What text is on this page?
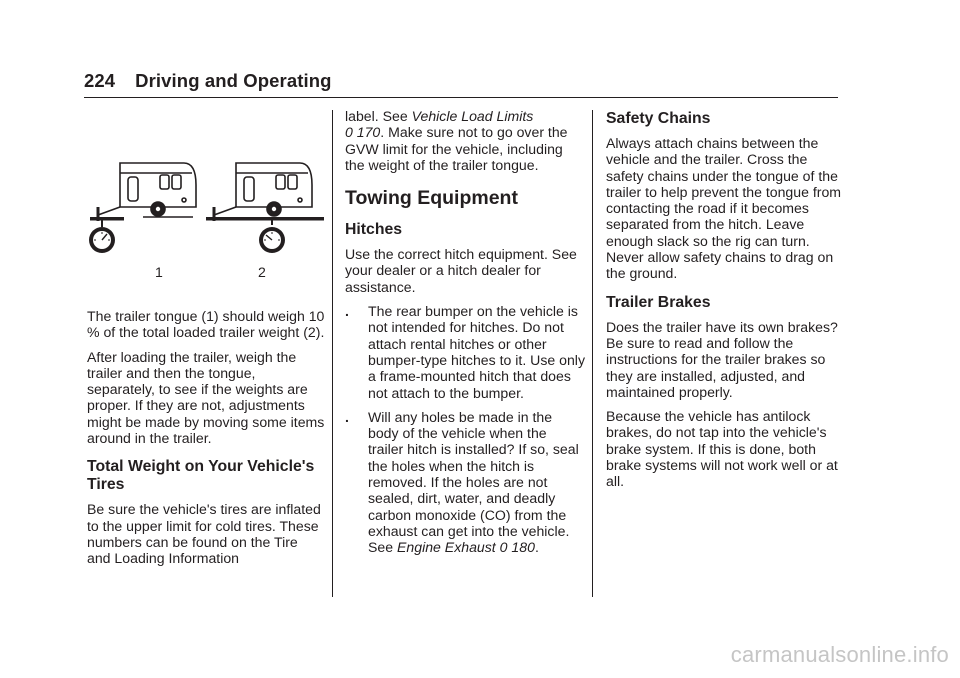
224 Driving and Operating
1	2

The trailer tongue (1) should weigh 10 % of the total loaded trailer weight (2).

After loading the trailer, weigh the trailer and then the tongue, separately, to see if the weights are proper. If they are not, adjustments might be made by moving some items around in the trailer.

Total Weight on Your Vehicle's Tires

Be sure the vehicle's tires are inflated to the upper limit for cold tires. These numbers can be found on the Tire and Loading Information

label. See Vehicle Load Limits
0 170. Make sure not to go over the GVW limit for the vehicle, including the weight of the trailer tongue.

Towing Equipment
Hitches

Use the correct hitch equipment. See your dealer or a hitch dealer for assistance.

.	The rear bumper on the vehicle is not intended for hitches. Do not attach rental hitches or other bumper-type hitches to it. Use only a frame-mounted hitch that does not attach to the bumper.
.	Will any holes be made in the body of the vehicle when the trailer hitch is installed? If so, seal the holes when the hitch is removed. If the holes are not sealed, dirt, water, and deadly carbon monoxide (CO) from the exhaust can get into the vehicle. See Engine Exhaust 0 180.
Safety Chains

Always attach chains between the vehicle and the trailer. Cross the safety chains under the tongue of the trailer to help prevent the tongue from contacting the road if it becomes separated from the hitch. Leave enough slack so the rig can turn. Never allow safety chains to drag on the ground.

Trailer Brakes

Does the trailer have its own brakes? Be sure to read and follow the instructions for the trailer brakes so they are installed, adjusted, and maintained properly.

Because the vehicle has antilock brakes, do not tap into the vehicle's brake system. If this is done, both brake systems will not work well or at all.

carmanualsonline.info
